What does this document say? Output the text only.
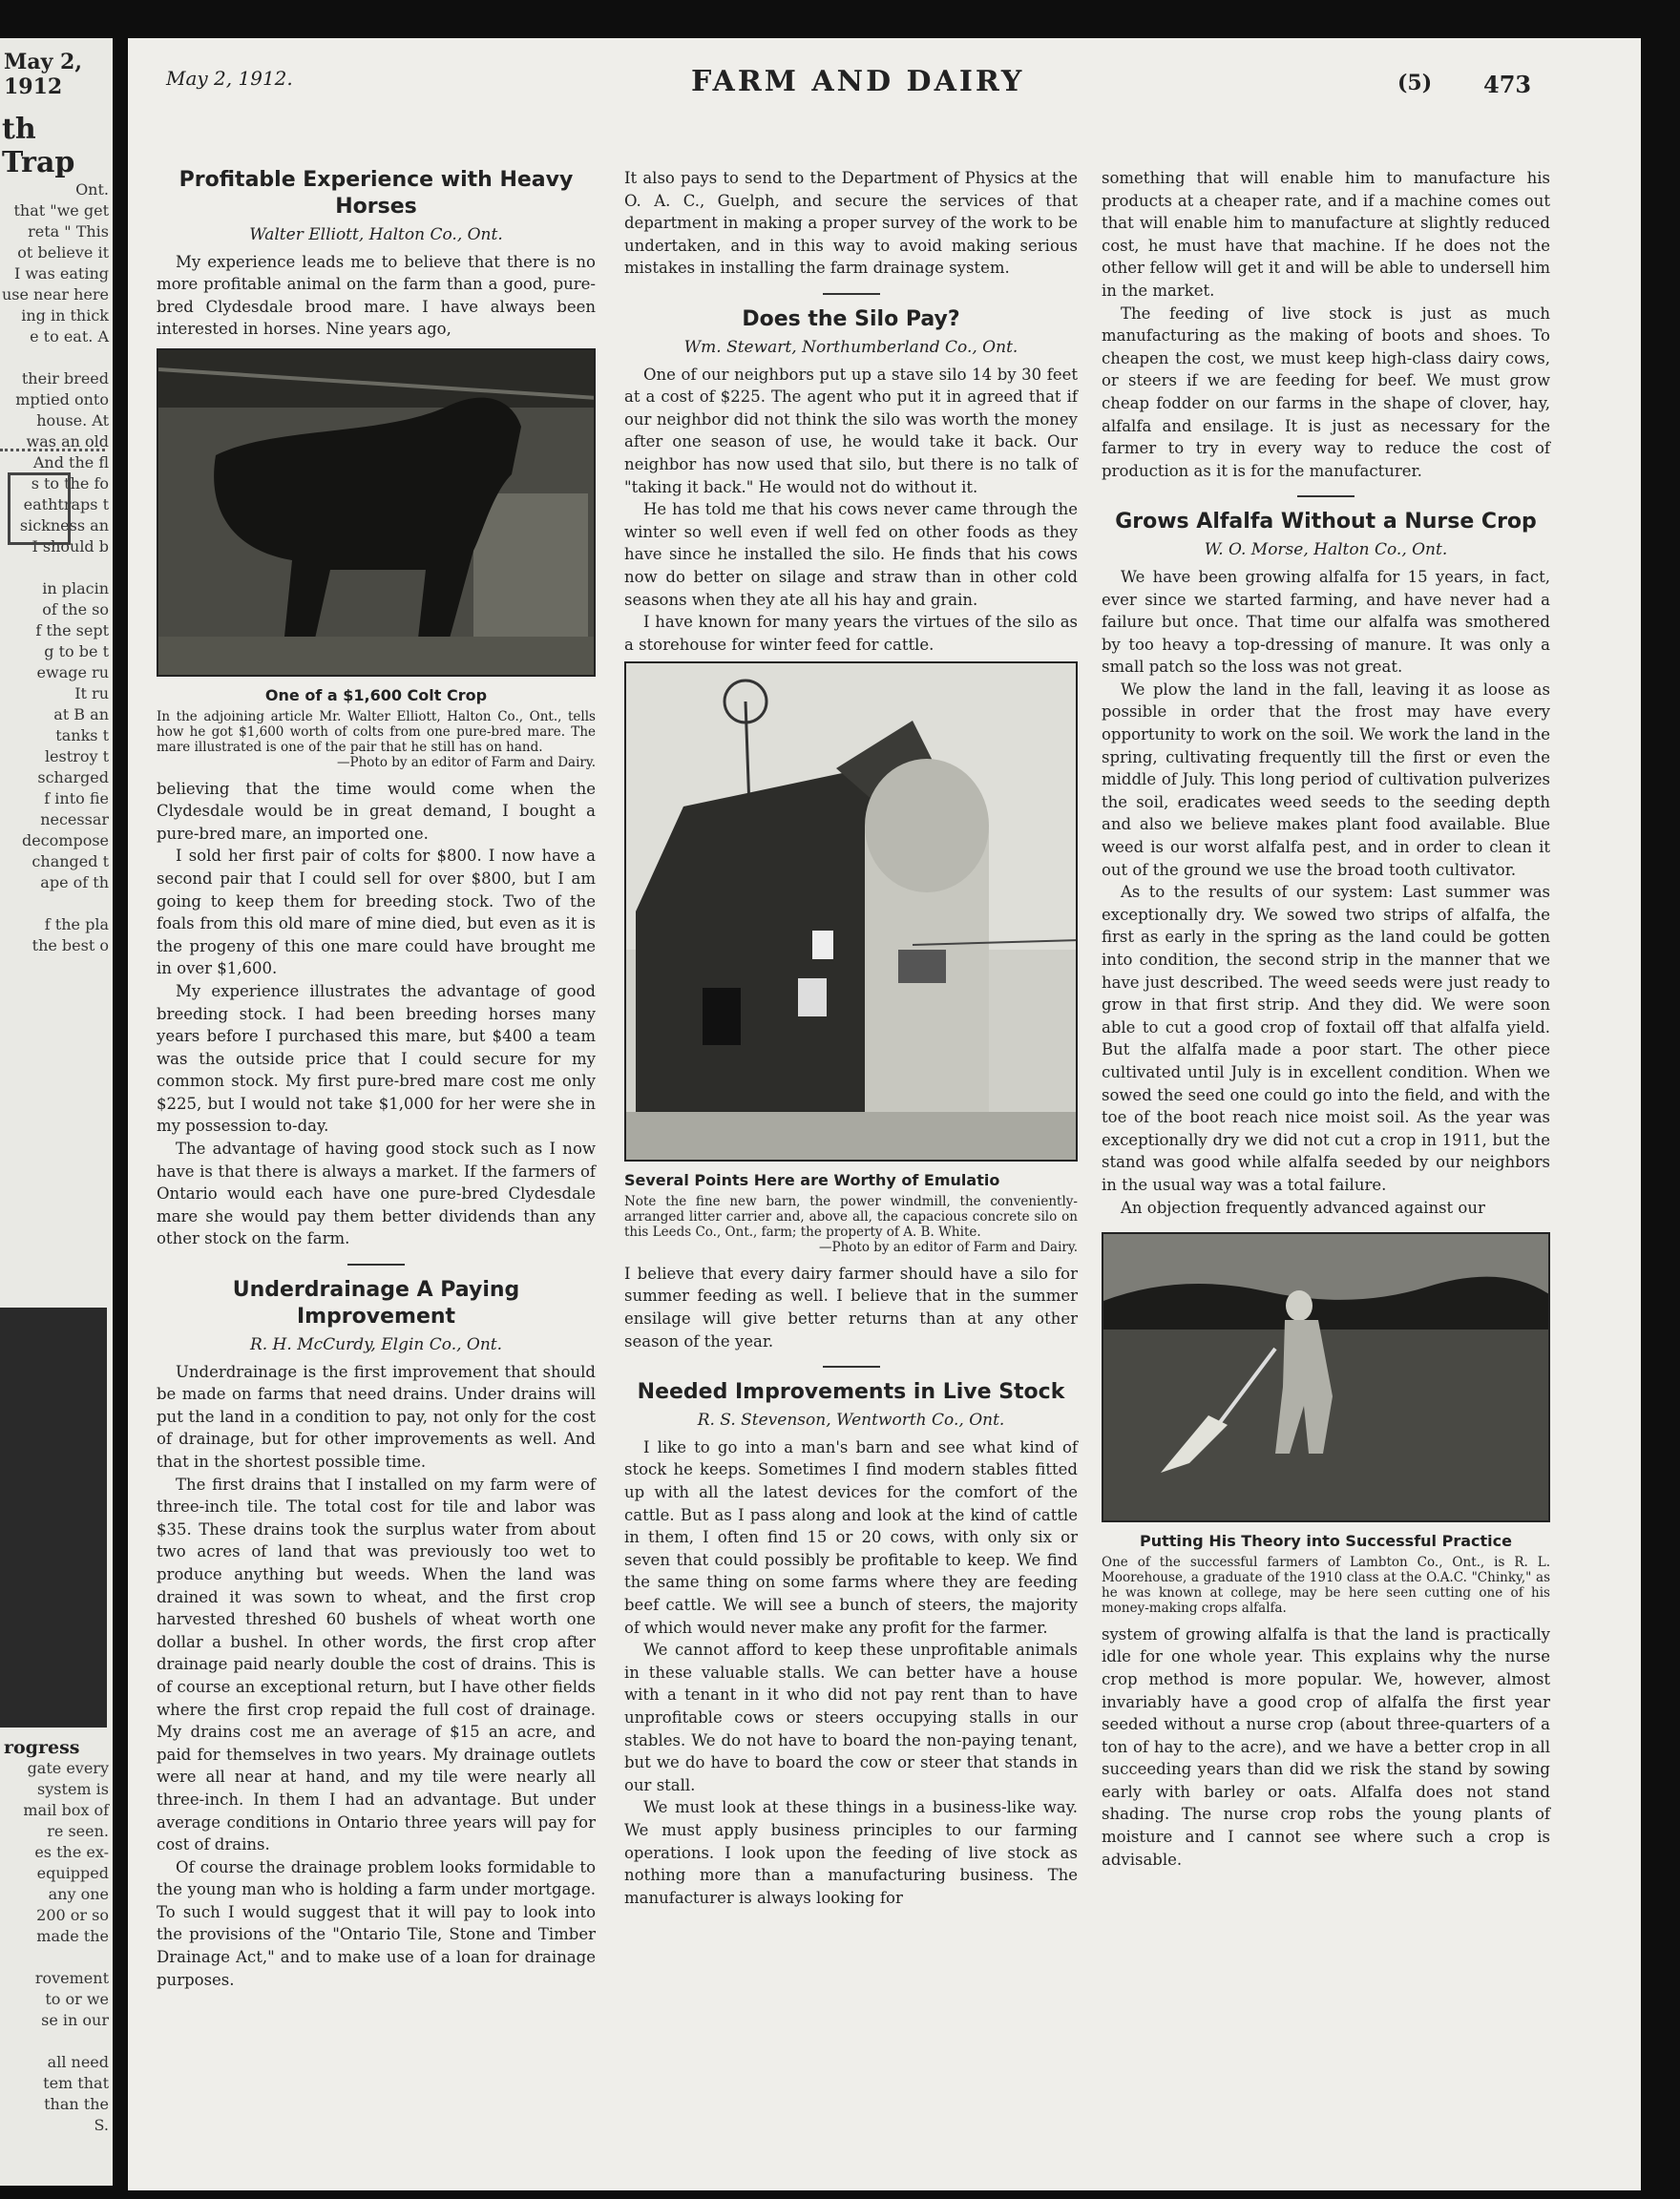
May 2, 1912
th Trap
Ont.
that "we get
reta " This
ot believe it
I was eating
use near here
ing in thick
e to eat. A

their breed
mptied onto
house. At
was an old
And the fl
s to the fo
eathtraps t
sickness an
I should b

in placin
of the so
f the sept
g to be t
ewage ru
It ru
at B an
tanks t
lestroy t
scharged
f into fie
necessar
decompose
changed t
ape of th

f the pla
the best o
rogress
gate every
system is
mail box of
re seen.
es the ex-
equipped
any one
200 or so
made the

rovement
to or we
se in our

all need
tem that
than the
S.
May 2, 1912.	FARM AND DAIRY	(5) 473
Profitable Experience with Heavy Horses
Walter Elliott, Halton Co., Ont.

My experience leads me to believe that there is no more profitable animal on the farm than a good, pure-bred Clydesdale brood mare. I have always been interested in horses. Nine years ago,

One of a $1,600 Colt Crop
In the adjoining article Mr. Walter Elliott, Halton Co., Ont., tells how he got $1,600 worth of colts from one pure-bred mare. The mare illustrated is one of the pair that he still has on hand.
—Photo by an editor of Farm and Dairy.

believing that the time would come when the Clydesdale would be in great demand, I bought a pure-bred mare, an imported one.

I sold her first pair of colts for $800. I now have a second pair that I could sell for over $800, but I am going to keep them for breeding stock. Two of the foals from this old mare of mine died, but even as it is the progeny of this one mare could have brought me in over $1,600.

My experience illustrates the advantage of good breeding stock. I had been breeding horses many years before I purchased this mare, but $400 a team was the outside price that I could secure for my common stock. My first pure-bred mare cost me only $225, but I would not take $1,000 for her were she in my possession to-day.

The advantage of having good stock such as I now have is that there is always a market. If the farmers of Ontario would each have one pure-bred Clydesdale mare she would pay them better dividends than any other stock on the farm.

Underdrainage A Paying Improvement
R. H. McCurdy, Elgin Co., Ont.

Underdrainage is the first improvement that should be made on farms that need drains. Under drains will put the land in a condition to pay, not only for the cost of drainage, but for other improvements as well. And that in the shortest possible time.

The first drains that I installed on my farm were of three-inch tile. The total cost for tile and labor was $35. These drains took the surplus water from about two acres of land that was previously too wet to produce anything but weeds. When the land was drained it was sown to wheat, and the first crop harvested threshed 60 bushels of wheat worth one dollar a bushel. In other words, the first crop after drainage paid nearly double the cost of drains. This is of course an exceptional return, but I have other fields where the first crop repaid the full cost of drainage. My drains cost me an average of $15 an acre, and paid for themselves in two years. My drainage outlets were all near at hand, and my tile were nearly all three-inch. In them I had an advantage. But under average conditions in Ontario three years will pay for cost of drains.

Of course the drainage problem looks formidable to the young man who is holding a farm under mortgage. To such I would suggest that it will pay to look into the provisions of the "Ontario Tile, Stone and Timber Drainage Act," and to make use of a loan for drainage purposes.

It also pays to send to the Department of Physics at the O. A. C., Guelph, and secure the services of that department in making a proper survey of the work to be undertaken, and in this way to avoid making serious mistakes in installing the farm drainage system.

Does the Silo Pay?
Wm. Stewart, Northumberland Co., Ont.

One of our neighbors put up a stave silo 14 by 30 feet at a cost of $225. The agent who put it in agreed that if our neighbor did not think the silo was worth the money after one season of use, he would take it back. Our neighbor has now used that silo, but there is no talk of "taking it back." He would not do without it.

He has told me that his cows never came through the winter so well even if well fed on other foods as they have since he installed the silo. He finds that his cows now do better on silage and straw than in other cold seasons when they ate all his hay and grain.

I have known for many years the virtues of the silo as a storehouse for winter feed for cattle.

Several Points Here are Worthy of Emulatio
Note the fine new barn, the power windmill, the conveniently-arranged litter carrier and, above all, the capacious concrete silo on this Leeds Co., Ont., farm; the property of A. B. White.
—Photo by an editor of Farm and Dairy.

I believe that every dairy farmer should have a silo for summer feeding as well. I believe that in the summer ensilage will give better returns than at any other season of the year.

Needed Improvements in Live Stock
R. S. Stevenson, Wentworth Co., Ont.

I like to go into a man's barn and see what kind of stock he keeps. Sometimes I find modern stables fitted up with all the latest devices for the comfort of the cattle. But as I pass along and look at the kind of cattle in them, I often find 15 or 20 cows, with only six or seven that could possibly be profitable to keep. We find the same thing on some farms where they are feeding beef cattle. We will see a bunch of steers, the majority of which would never make any profit for the farmer.

We cannot afford to keep these unprofitable animals in these valuable stalls. We can better have a house with a tenant in it who did not pay rent than to have unprofitable cows or steers occupying stalls in our stables. We do not have to board the non-paying tenant, but we do have to board the cow or steer that stands in our stall.

We must look at these things in a business-like way. We must apply business principles to our farming operations. I look upon the feeding of live stock as nothing more than a manufacturing business. The manufacturer is always looking for

something that will enable him to manufacture his products at a cheaper rate, and if a machine comes out that will enable him to manufacture at slightly reduced cost, he must have that machine. If he does not the other fellow will get it and will be able to undersell him in the market.

The feeding of live stock is just as much manufacturing as the making of boots and shoes. To cheapen the cost, we must keep high-class dairy cows, or steers if we are feeding for beef. We must grow cheap fodder on our farms in the shape of clover, hay, alfalfa and ensilage. It is just as necessary for the farmer to try in every way to reduce the cost of production as it is for the manufacturer.

Grows Alfalfa Without a Nurse Crop
W. O. Morse, Halton Co., Ont.

We have been growing alfalfa for 15 years, in fact, ever since we started farming, and have never had a failure but once. That time our alfalfa was smothered by too heavy a top-dressing of manure. It was only a small patch so the loss was not great.

We plow the land in the fall, leaving it as loose as possible in order that the frost may have every opportunity to work on the soil. We work the land in the spring, cultivating frequently till the first or even the middle of July. This long period of cultivation pulverizes the soil, eradicates weed seeds to the seeding depth and also we believe makes plant food available. Blue weed is our worst alfalfa pest, and in order to clean it out of the ground we use the broad tooth cultivator.

As to the results of our system: Last summer was exceptionally dry. We sowed two strips of alfalfa, the first as early in the spring as the land could be gotten into condition, the second strip in the manner that we have just described. The weed seeds were just ready to grow in that first strip. And they did. We were soon able to cut a good crop of foxtail off that alfalfa yield. But the alfalfa made a poor start. The other piece cultivated until July is in excellent condition. When we sowed the seed one could go into the field, and with the toe of the boot reach nice moist soil. As the year was exceptionally dry we did not cut a crop in 1911, but the stand was good while alfalfa seeded by our neighbors in the usual way was a total failure.

An objection frequently advanced against our

Putting His Theory into Successful Practice
One of the successful farmers of Lambton Co., Ont., is R. L. Moorehouse, a graduate of the 1910 class at the O.A.C. "Chinky," as he was known at college, may be here seen cutting one of his money-making crops alfalfa.

system of growing alfalfa is that the land is practically idle for one whole year. This explains why the nurse crop method is more popular. We, however, almost invariably have a good crop of alfalfa the first year seeded without a nurse crop (about three-quarters of a ton of hay to the acre), and we have a better crop in all succeeding years than did we risk the stand by sowing early with barley or oats. Alfalfa does not stand shading. The nurse crop robs the young plants of moisture and I cannot see where such a crop is advisable.
